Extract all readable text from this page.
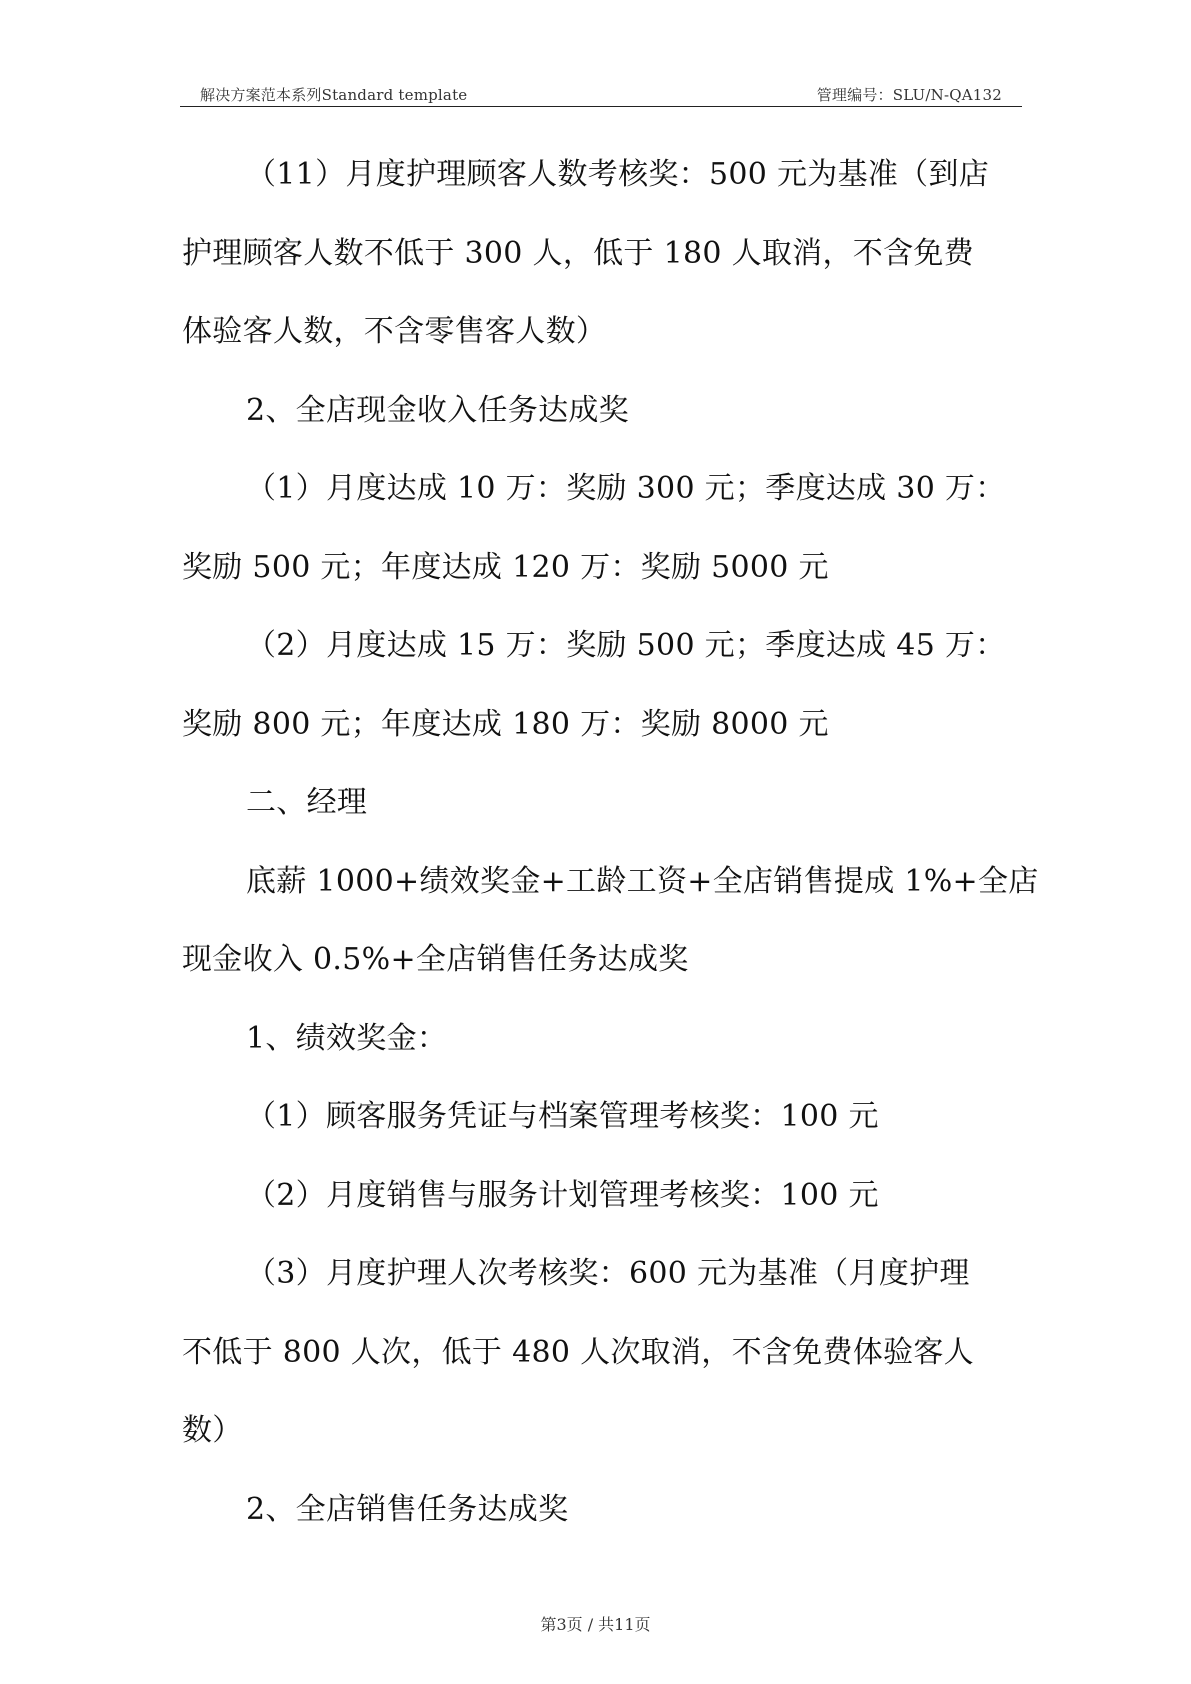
解决方案范本系列Standard template	管理编号：SLU/N-QA132
（11）月度护理顾客人数考核奖：500 元为基准（到店
护理顾客人数不低于 300 人，低于 180 人取消，不含免费
体验客人数，不含零售客人数）
2、全店现金收入任务达成奖
（1）月度达成 10 万：奖励 300 元；季度达成 30 万：
奖励 500 元；年度达成 120 万：奖励 5000 元
（2）月度达成 15 万：奖励 500 元；季度达成 45 万：
奖励 800 元；年度达成 180 万：奖励 8000 元
二、经理
底薪 1000+绩效奖金+工龄工资+全店销售提成 1%+全店
现金收入 0.5%+全店销售任务达成奖
1、绩效奖金：
（1）顾客服务凭证与档案管理考核奖：100 元
（2）月度销售与服务计划管理考核奖：100 元
（3）月度护理人次考核奖：600 元为基准（月度护理
不低于 800 人次，低于 480 人次取消，不含免费体验客人
数）
2、全店销售任务达成奖
第3页 / 共11页
